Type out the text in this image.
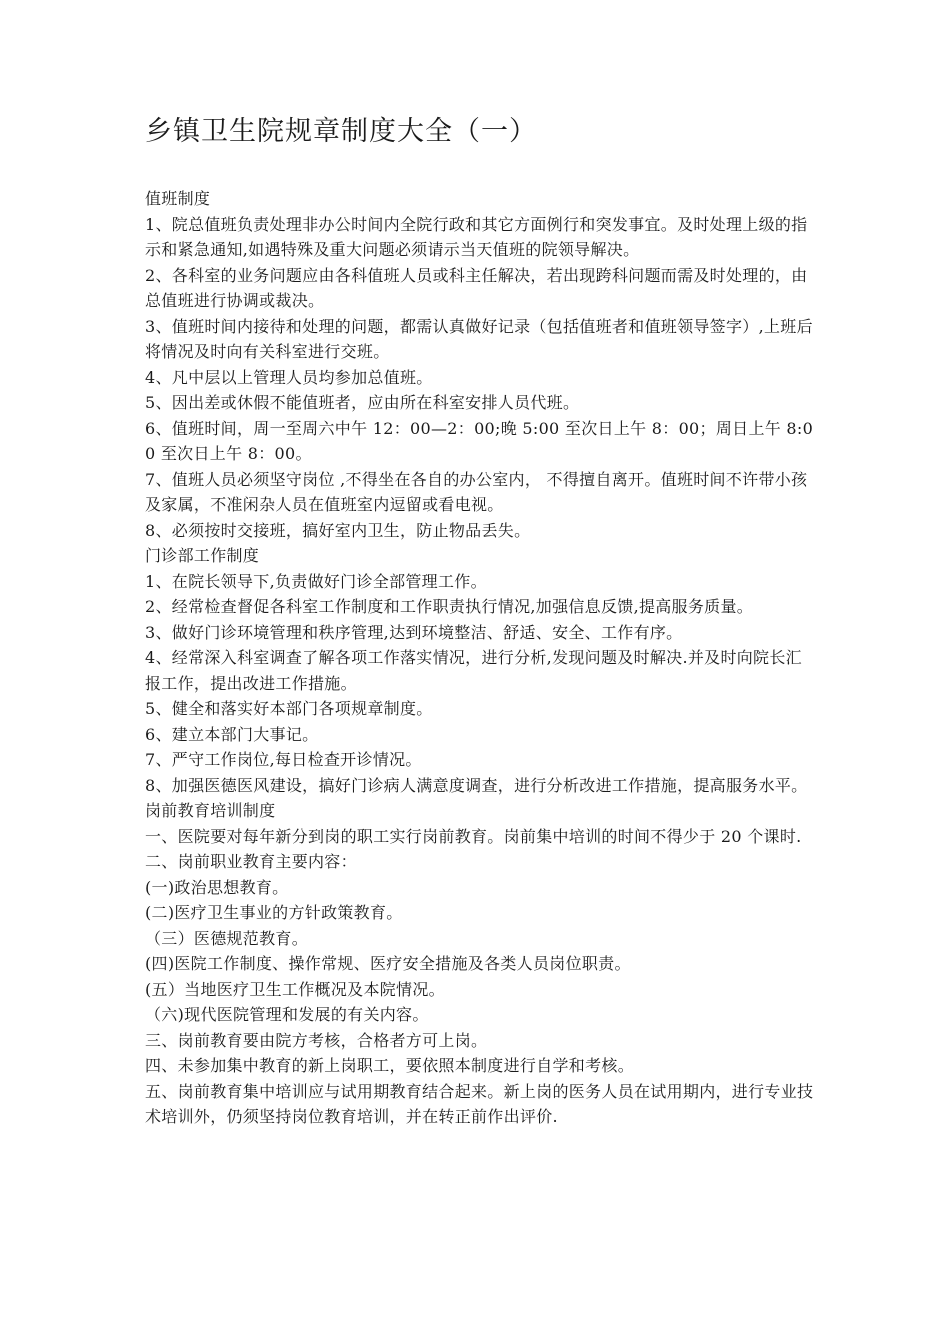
乡镇卫生院规章制度大全（一）

值班制度

1、院总值班负责处理非办公时间内全院行政和其它方面例行和突发事宜。及时处理上级的指示和紧急通知,如遇特殊及重大问题必须请示当天值班的院领导解决。

2、各科室的业务问题应由各科值班人员或科主任解决，若出现跨科问题而需及时处理的，由总值班进行协调或裁决。

3、值班时间内接待和处理的问题，都需认真做好记录（包括值班者和值班领导签字）,上班后将情况及时向有关科室进行交班。

4、凡中层以上管理人员均参加总值班。

5、因出差或休假不能值班者，应由所在科室安排人员代班。

6、值班时间，周一至周六中午 12：00—2：00;晚 5:00 至次日上午 8：00；周日上午 8:00 至次日上午 8：00。

7、值班人员必须坚守岗位 ,不得坐在各自的办公室内， 不得擅自离开。值班时间不许带小孩及家属，不准闲杂人员在值班室内逗留或看电视。

8、必须按时交接班，搞好室内卫生，防止物品丢失。

门诊部工作制度

1、在院长领导下,负责做好门诊全部管理工作。

2、经常检查督促各科室工作制度和工作职责执行情况,加强信息反馈,提高服务质量。

3、做好门诊环境管理和秩序管理,达到环境整洁、舒适、安全、工作有序。

4、经常深入科室调查了解各项工作落实情况，进行分析,发现问题及时解决.并及时向院长汇报工作，提出改进工作措施。

5、健全和落实好本部门各项规章制度。

6、建立本部门大事记。

7、严守工作岗位,每日检查开诊情况。

8、加强医德医风建设，搞好门诊病人满意度调查，进行分析改进工作措施，提高服务水平。

岗前教育培训制度

一、医院要对每年新分到岗的职工实行岗前教育。岗前集中培训的时间不得少于 20 个课时.

二、岗前职业教育主要内容：

(一)政治思想教育。

(二)医疗卫生事业的方针政策教育。

（三）医德规范教育。

(四)医院工作制度、操作常规、医疗安全措施及各类人员岗位职责。

(五）当地医疗卫生工作概况及本院情况。

（六)现代医院管理和发展的有关内容。

三、岗前教育要由院方考核，合格者方可上岗。

四、未参加集中教育的新上岗职工，要依照本制度进行自学和考核。

五、岗前教育集中培训应与试用期教育结合起来。新上岗的医务人员在试用期内，进行专业技术培训外，仍须坚持岗位教育培训，并在转正前作出评价.
